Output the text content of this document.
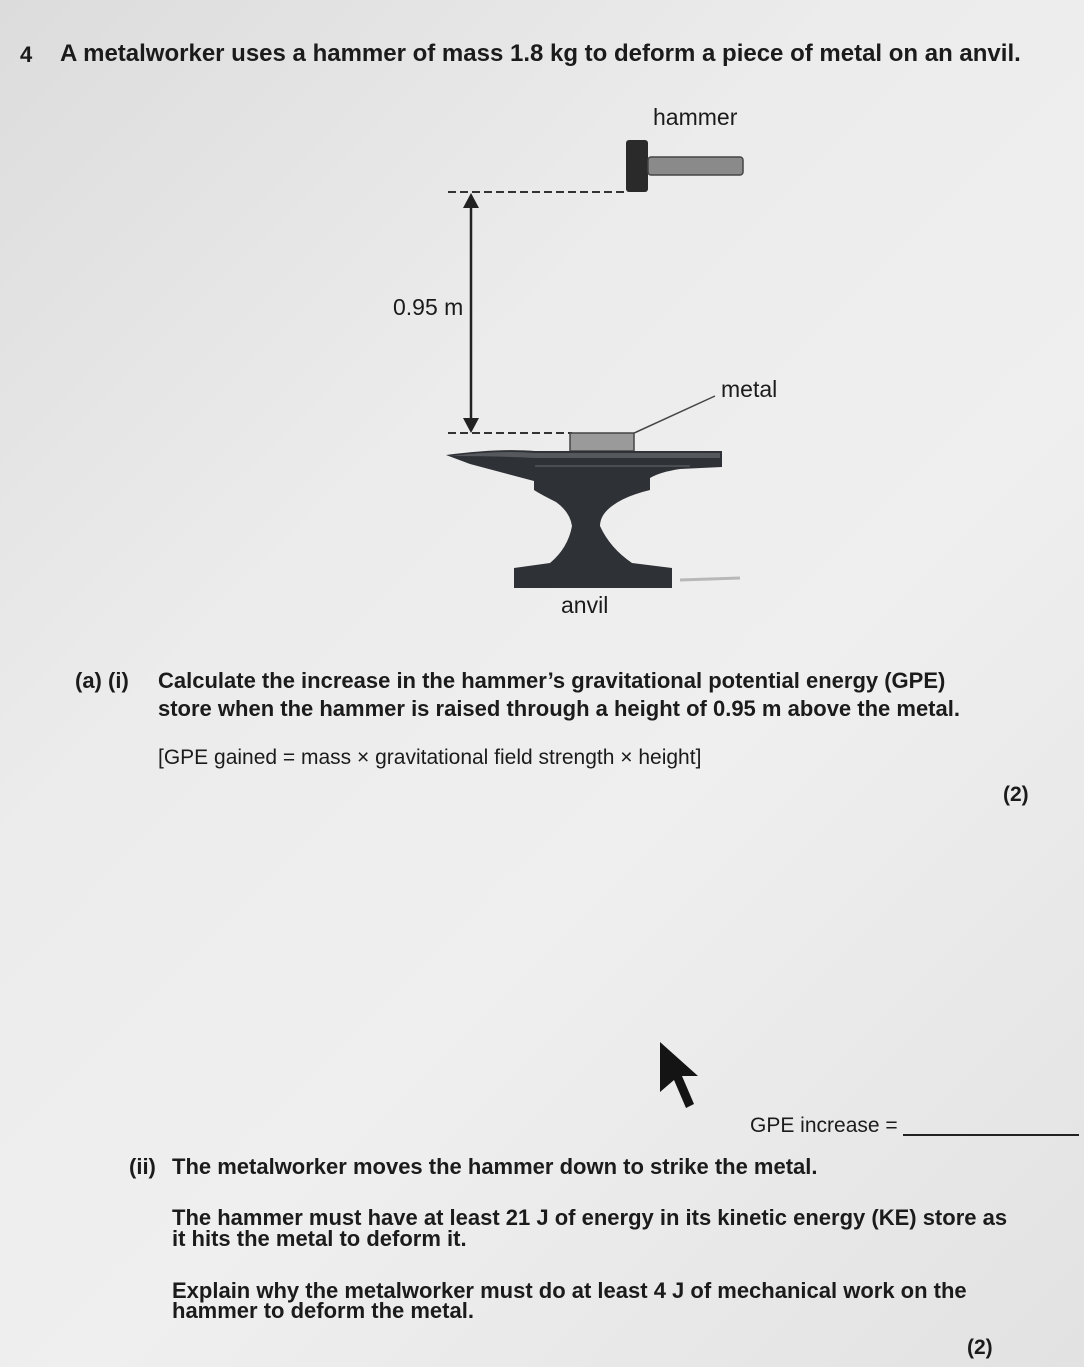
4 A metalworker uses a hammer of mass 1.8 kg to deform a piece of metal on an anvil.
hammer
0.95 m
metal
anvil
(a) (i) Calculate the increase in the hammer’s gravitational potential energy (GPE)
store when the hammer is raised through a height of 0.95 m above the metal.
[GPE gained = mass × gravitational field strength × height]
(2)
GPE increase =
(ii) The metalworker moves the hammer down to strike the metal.
The hammer must have at least 21 J of energy in its kinetic energy (KE) store as
it hits the metal to deform it.
Explain why the metalworker must do at least 4 J of mechanical work on the
hammer to deform the metal.
(2)
